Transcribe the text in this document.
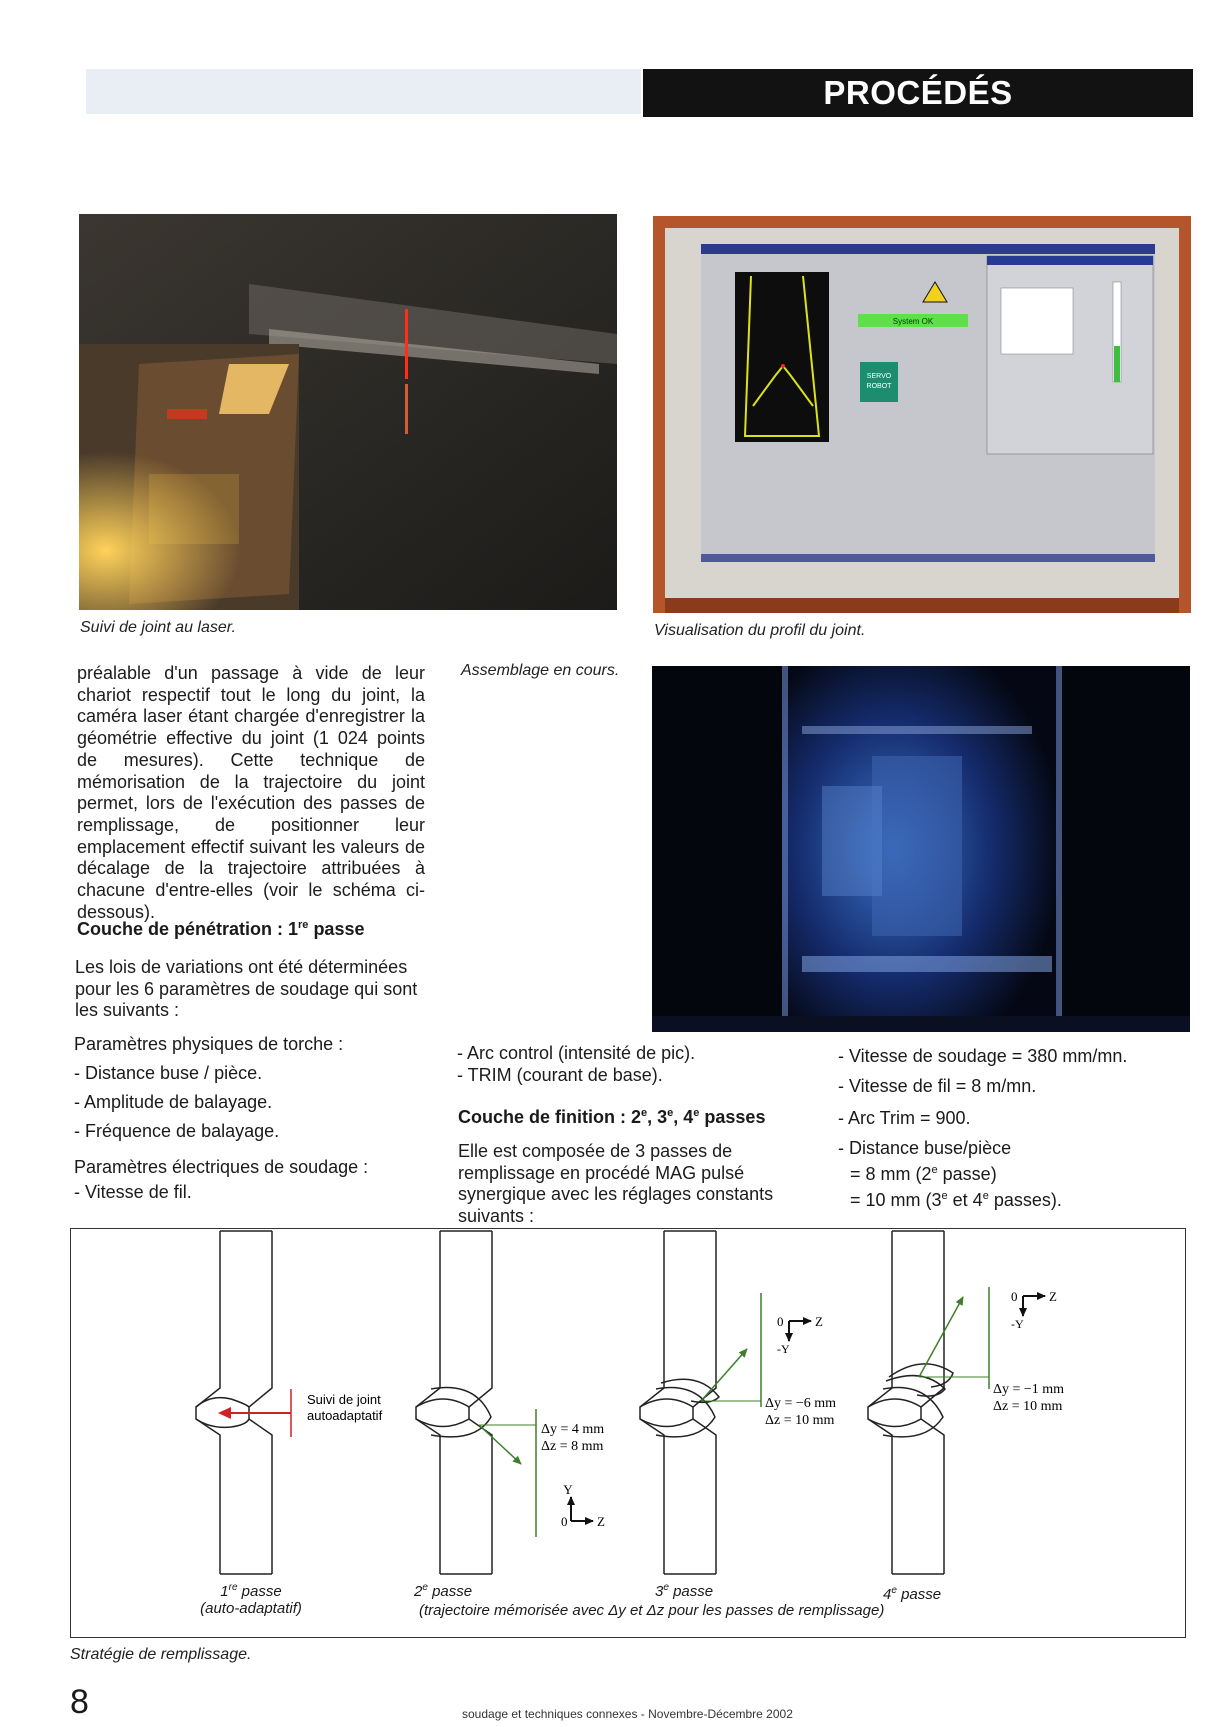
PROCÉDÉS
Suivi de joint au laser.
System OK
SERVO
ROBOT
Visualisation du profil du joint.
Assemblage en cours.
préalable d'un passage à vide de leur chariot respectif tout le long du joint, la caméra laser étant chargée d'enregistrer la géométrie effective du joint (1 024 points de mesures). Cette technique de mémorisation de la trajectoire du joint permet, lors de l'exécution des passes de remplissage, de positionner leur emplacement effectif suivant les valeurs de décalage de la trajectoire attribuées à chacune d'entre-elles (voir le schéma ci-dessous).
Couche de pénétration : 1re passe
Les lois de variations ont été déterminées pour les 6 paramètres de soudage qui sont les suivants :
Paramètres physiques de torche :
- Distance buse / pièce.
- Amplitude de balayage.
- Fréquence de balayage.
Paramètres électriques de soudage :
- Vitesse de fil.
- Arc control (intensité de pic).
- TRIM (courant de base).
Couche de finition : 2e, 3e, 4e passes
Elle est composée de 3 passes de remplissage en procédé MAG pulsé synergique avec les réglages constants suivants :
- Vitesse de soudage = 380 mm/mn.
- Vitesse de fil = 8 m/mn.
- Arc Trim = 900.
- Distance buse/pièce
= 8 mm (2e passe)
= 10 mm (3e et 4e passes).
Y
Z
0
Z
0
-Y
Z
0
-Y
Δy = 4 mm
Δz = 8 mm
Δy = −6 mm
Δz = 10 mm
Δy = −1 mm
Δz = 10 mm
Suivi de joint
autoadaptatif
1re passe
(auto-adaptatif)
2e passe	3e passe	4e passe
(trajectoire mémorisée avec Δy et Δz pour les passes de remplissage)
Stratégie de remplissage.
8	soudage et techniques connexes - Novembre-Décembre 2002
